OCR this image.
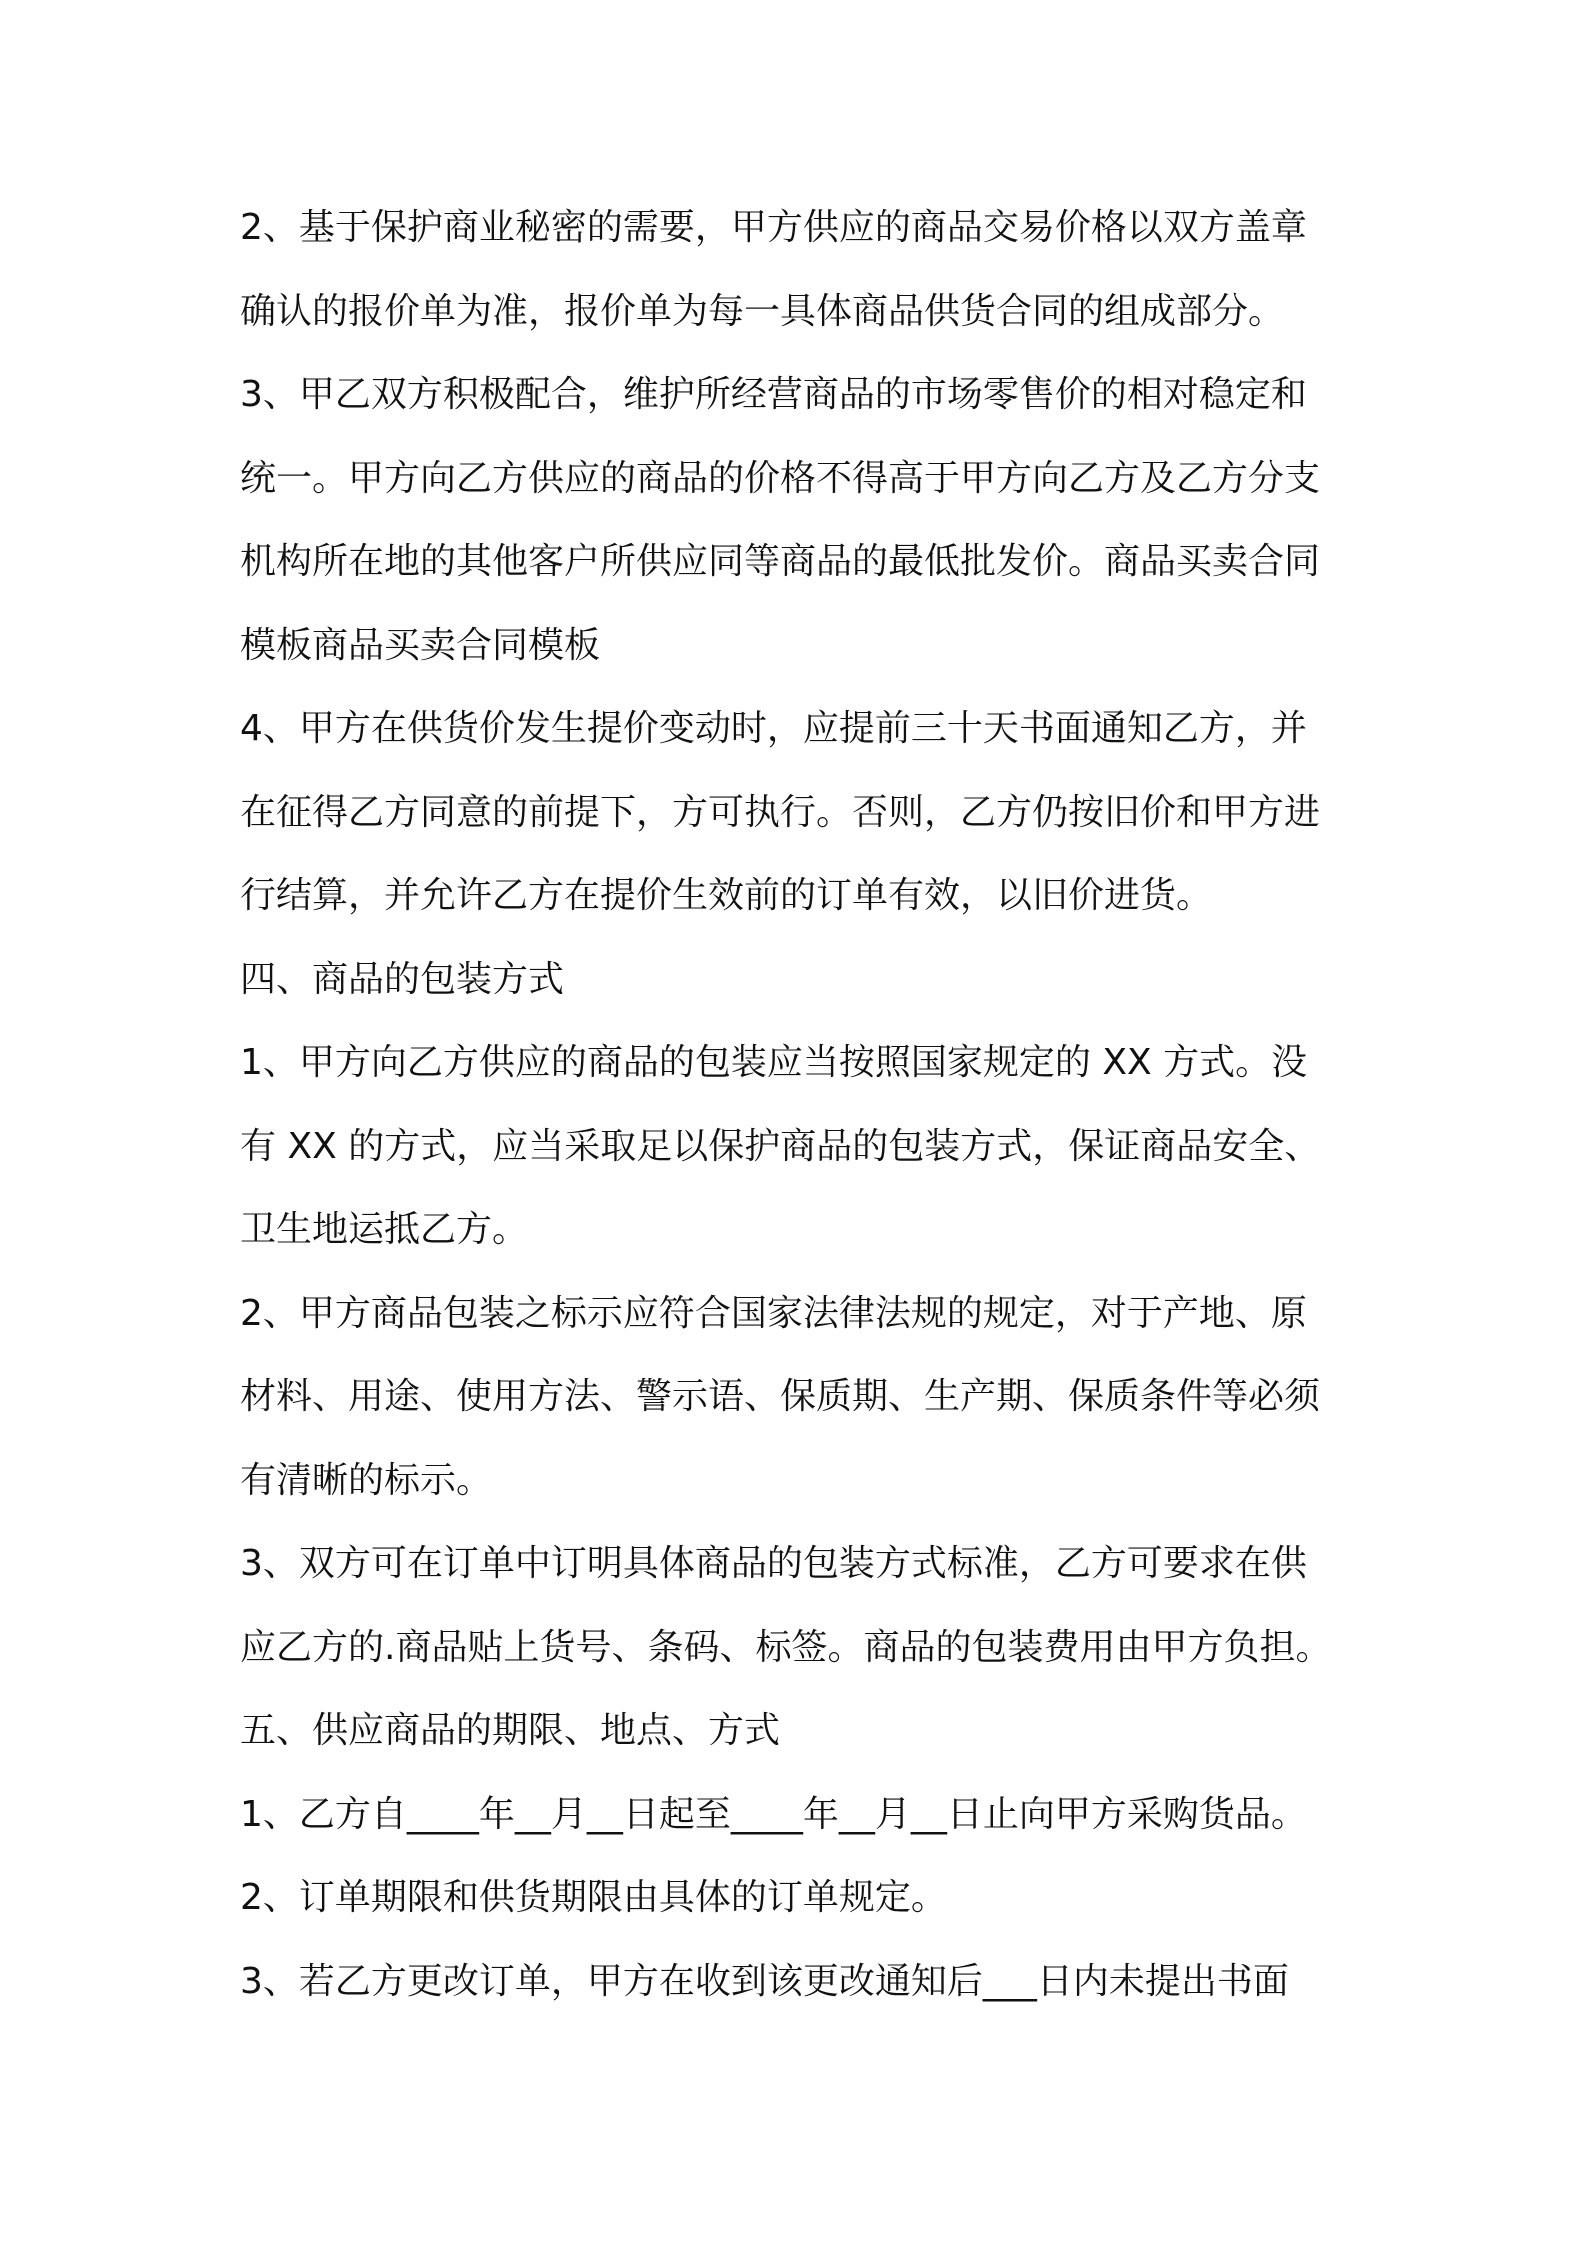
2、基于保护商业秘密的需要，甲方供应的商品交易价格以双方盖章
确认的报价单为准，报价单为每一具体商品供货合同的组成部分。
3、甲乙双方积极配合，维护所经营商品的市场零售价的相对稳定和
统一。甲方向乙方供应的商品的价格不得高于甲方向乙方及乙方分支
机构所在地的其他客户所供应同等商品的最低批发价。商品买卖合同
模板商品买卖合同模板
4、甲方在供货价发生提价变动时，应提前三十天书面通知乙方，并
在征得乙方同意的前提下，方可执行。否则，乙方仍按旧价和甲方进
行结算，并允许乙方在提价生效前的订单有效，以旧价进货。
四、商品的包装方式
1、甲方向乙方供应的商品的包装应当按照国家规定的 XX 方式。没
有 XX 的方式，应当采取足以保护商品的包装方式，保证商品安全、
卫生地运抵乙方。
2、甲方商品包装之标示应符合国家法律法规的规定，对于产地、原
材料、用途、使用方法、警示语、保质期、生产期、保质条件等必须
有清晰的标示。
3、双方可在订单中订明具体商品的包装方式标准，乙方可要求在供
应乙方的.商品贴上货号、条码、标签。商品的包装费用由甲方负担。
五、供应商品的期限、地点、方式
1、乙方自____年__月__日起至____年__月__日止向甲方采购货品。
2、订单期限和供货期限由具体的订单规定。
3、若乙方更改订单，甲方在收到该更改通知后___日内未提出书面
